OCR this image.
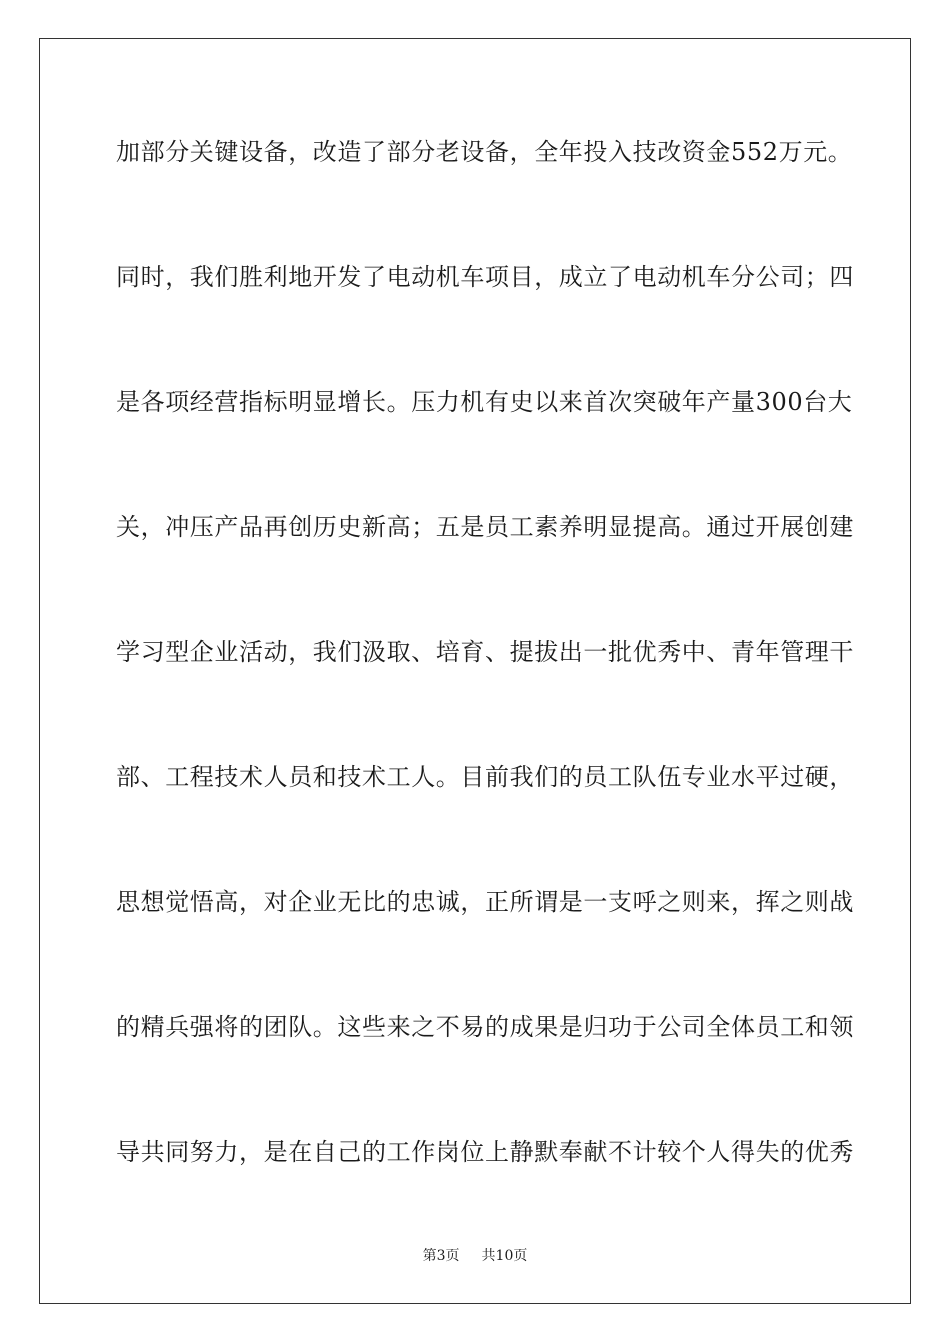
加部分关键设备，改造了部分老设备，全年投入技改资金552万元。
同时，我们胜利地开发了电动机车项目，成立了电动机车分公司；四
是各项经营指标明显增长。压力机有史以来首次突破年产量300台大
关，冲压产品再创历史新高；五是员工素养明显提高。通过开展创建
学习型企业活动，我们汲取、培育、提拔出一批优秀中、青年管理干
部、工程技术人员和技术工人。目前我们的员工队伍专业水平过硬，
思想觉悟高，对企业无比的忠诚，正所谓是一支呼之则来，挥之则战
的精兵强将的团队。这些来之不易的成果是归功于公司全体员工和领
导共同努力，是在自己的工作岗位上静默奉献不计较个人得失的优秀
第3页 共10页
